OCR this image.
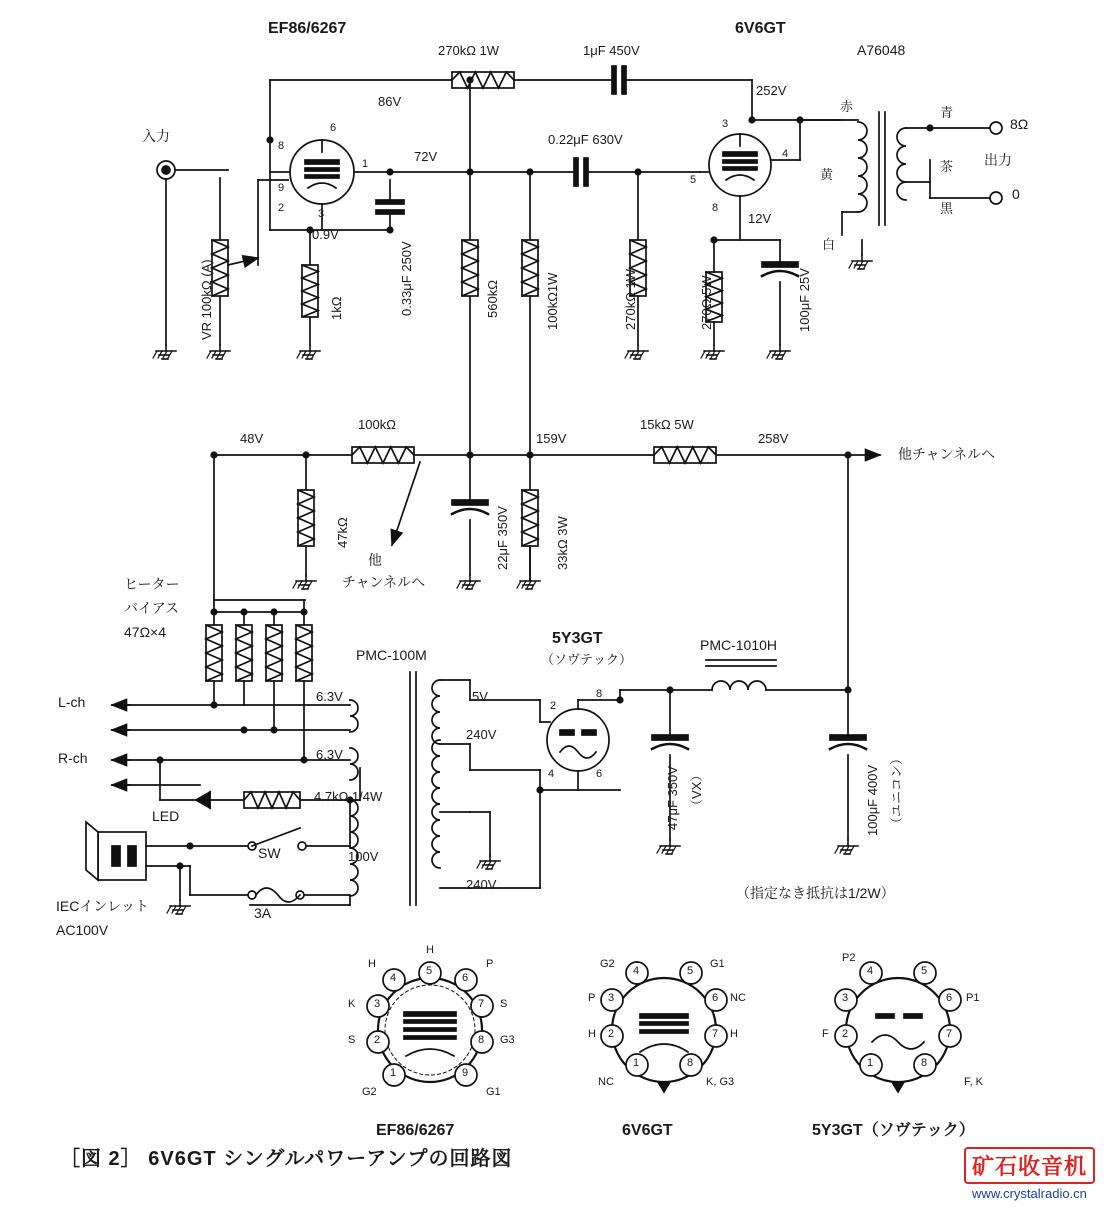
EF86/6267	6V6GT
A76048
入力
VR 100kΩ (A)
86V
72V
0.9V
252V
12V
48V	159V	258V
270kΩ 1W	1μF 450V
0.22μF 630V
0.33μF 250V
1kΩ	560kΩ	100kΩ1W	270kΩ 1W	270Ω 5W	100μF 25V
100kΩ
47kΩ	22μF 350V	33kΩ 3W
15kΩ 5W
他チャンネルへ
他
チャンネルへ
ヒーター
バイアス
47Ω×4
PMC-100M
PMC-1010H
5Y3GT
（ソヴテック）
5V
240V
240V
100V
6.3V
6.3V
L-ch
R-ch
LED
4.7kΩ 1/4W
SW
3A
IECインレット
AC100V
47μF 350V （VX）	100μF 400V （ユニコン）
（指定なき抵抗は1/2W）
赤
黄
白
青
茶
黒
出力
8Ω
0
6
8
1
9
2	3
3
4
5
8
2
8
4	6
4
5
6
3	7
2	8
1	9
H
H
P
K	S
S	G3
G2	G1
4	5
3	6
2	7
1	8
G2	G1
P	NC
H	H
NC	K, G3
4	5
3	6
2	7
1	8
P2
P1
F
F, K
EF86/6267	6V6GT	5Y3GT（ソヴテック）
［図 2］ 6V6GT シングルパワーアンプの回路図	矿石收音机
www.crystalradio.cn
